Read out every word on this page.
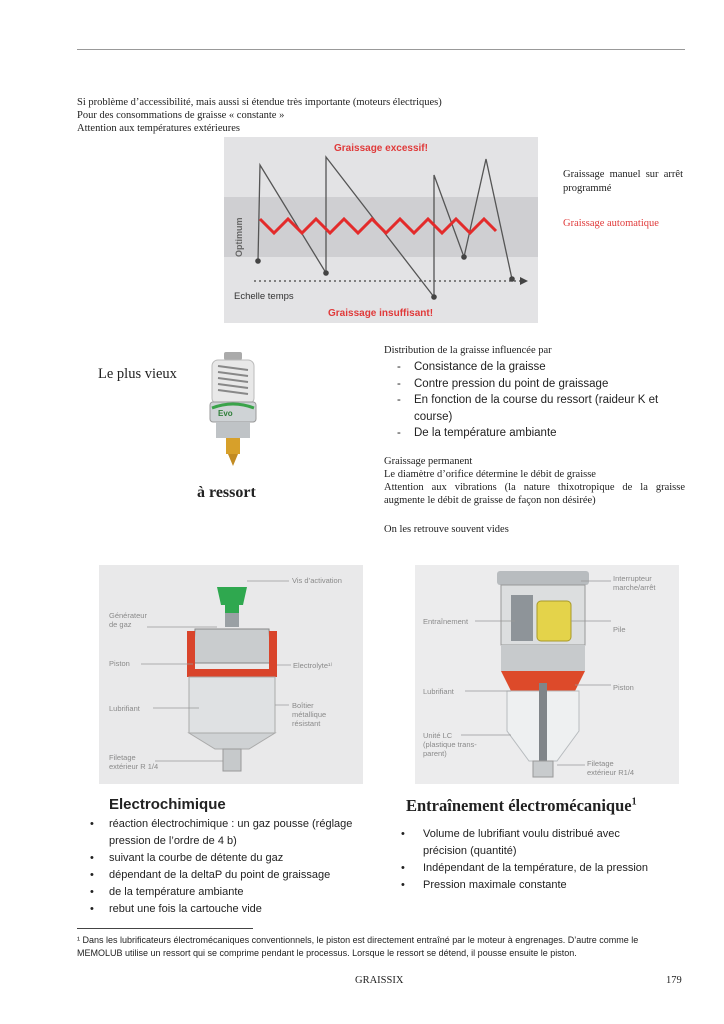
Si problème d’accessibilité, mais aussi si étendue très importante (moteurs électriques)
Pour des consommations de graisse « constante »
Attention aux températures extérieures
Graissage excessif!
Optimum
Echelle temps
Graissage insuffisant!
Graissage manuel sur arrêt programmé
Graissage automatique
Le plus vieux
Evo
à ressort
Distribution de la graisse influencée par
- Consistance de la graisse
- Contre pression du point de graissage
- En fonction de la course du ressort (raideur K et course)
- De la température ambiante
Graissage permanent
Le diamètre d’orifice détermine le débit de graisse
Attention aux vibrations (la nature thixotropique de la graisse augmente le débit de graisse de façon non désirée)
On les retrouve souvent vides
Vis d’activation
Générateur
de gaz
Piston	Electrolyte¹⁾
Lubrifiant	Boîtier
métallique
résistant
Filetage
extérieur R 1/4
Interrupteur
marche/arrêt
Entraînement
Pile
Piston
Lubrifiant
Unité LC
(plastique trans-
parent)
Filetage
extérieur R1/4
Electrochimique	Entraînement électromécanique$^1$
• réaction électrochimique : un gaz pousse (réglage pression de l’ordre de 4 b)
• suivant la courbe de détente du gaz
• dépendant de la deltaP du point de graissage
• de la température ambiante
• rebut une fois la cartouche vide
• Volume de lubrifiant voulu distribué avec précision (quantité)
• Indépendant de la température, de la pression
• Pression maximale constante
¹ Dans les lubrificateurs électromécaniques conventionnels, le piston est directement entraîné par le moteur à engrenages. D’autre comme le MEMOLUB utilise un ressort qui se comprime pendant le processus. Lorsque le ressort se détend, il pousse ensuite le piston.
GRAISSIX	179
